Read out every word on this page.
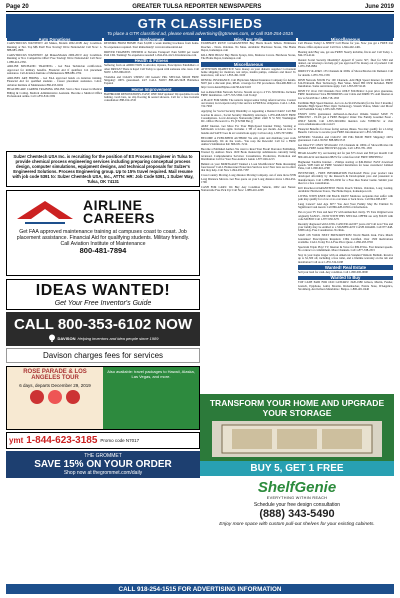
Page 20	GREATER TULSA REPORTER NEWSPAPERS	June 2019
GTR CLASSIFIEDS
To place a GTR classified ad, please email advertising@gtrnews.com, or call 918-254-1515
Auto Donations
CARS/TRUCKS WANTED!!! All Makes, Models 2002-2018! Any Condition. Running or Not. Top $$$ Paid! Free Towing! We're Nationwide! Call Now: 1-888-985-1806
CARS/TRUCKS WANTED!!! All Makes/Models 2000-2015! Any Condition. Running or Not. Competitive Offer! Free Towing! We're Nationwide! Call Now: 1-888-416-2330.
AIRLINE MECHANIC TRAINING - Get FAA Technician certification. Approved for military benefits. Financial Aid if qualified. Job placement assistance. Call Aviation Institute of Maintenance 888-686-1704
AIRLINES ARE HIRING - Get FAA approved hands on Aviation training. Financial Aid for qualified students - Career placement assistance. CALL Aviation Institute of Maintenance 866-453-6204
HEALTHCARE CAREER TRAINING ONLINE. Start a New Career in Medical Billing & Coding. Medical Administrative Assistant. Become a Medical Office Professional online. Call 1-855-819-1569
Employment
REWORK FROM HOME! Earn $1,000 a week mailing brochures from home. No experience required. Start immediately! www.incomecentral.net
DRIVER TRAINEES NEEDED at Stevens Transport! Earn $1000 per week! Paid CDL Training! No experience needed! 1-844-452-4121 drive4stevens.com
Health & Fitness
Suffering from an ADDICTION to Alcohol, Opiates, Prescription PainKillers or other DRUGS? There is hope! Call Today to speak with someone who cares. Call NOW 1-855-866-0913
VIAGRA and CIALIS USERS! 100 Generic Pills SPECIAL $99.00 FREE Shipping! 100% guaranteed. 24/7 CALL NOW! 888-445-5928 Hablamos Espanol
Home Improvement
BATHROOM RENOVATIONS. EASY, ONE DAY updates! We specialize in safe bathing. Grab bars, no slip flooring & seated showers. Call for a free in-home consultation: 888-912-4745
Misc. For Sale
ELIMINATE RUST! GUARANTEED! Buy Harris Roach Tablets. Eliminates Roaches - Nests. Odorless. No Mess. Available: Hardware Stores, The Home Depot, homedepot.com
KILL BED BUGS! Buy Harris Sprays, Kits, Mattress Covers. Hardware Stores, The Home Depot, homedepot.com
Miscellaneous
ATTENTION DIABETICS! Save money on your diabetic supplies! Convenient home shipping for monitors, test strips, insulin pumps, catheters and more! To learn more, call now! 1-855-491-5160
DENTAL INSURANCE. Call Physicians Mutual Insurance Company for details. NOT just a discount plan, REAL coverage for 350 procedures. 844-496-8601 or http://www.dental50plus.com/58 Ad# 6118
Get A-Rated Dish Network Service. Stream on up to 4 TVs. $59.99/mo. Includes FREE Installation. 1-877-555-5566. Call Today!
A PLACE FOR MOM. The nation's largest senior living referral service. Contact our trusted, local experts today! Our service is FREE/no obligation. CALL 1-844-722-7993
Applying for Social Security Disability or Appealing a Denied Claim? Call Bill Gordon & Assoc., Social Security Disability Attorneys, 1-855-498-6323! FREE Consultations. Local Attorneys Nationwide [Mail: 2420 N St NW, Washington DC. Office: Broward Co. FL (TX/NM Bar.)]
AT&T Internet. Get More For Your High-Speed Internet Thing. Starting at $40/month w/12-mo agmt. Includes 1 TB of data per month. Ask us how to bundle and SAVE! Geo & svc restrictions apply. Call us today 1-833-707-0984
BECOME A PUBLISHED AUTHOR! We edit, print and distribute your work internationally. We do the work... You reap the Rewards! Call for a FREE Author's Submission Kit: 866-951-7214
Become a Published Author. We want to Read Your Book! Dorrance Publishing-Trusted by Authors Since 1920 Book manuscript submissions currently being reviewed. Comprehensive Services: Consultation, Production, Promotion and Distribution Call for Your Free Author's Guide 1-877-626-2213
Behind on your MORTGAGE? Denied a Loan Modification? Bank threatening foreclosure? CALL Homeowner Protection Services now! New laws are in effect that may help. Call Now 1-844-293-7187
Cross Country Moving. Long distance Moving Company. out of state move $799 Long Distance Movers. Get Free quote on your Long distance move 1-844-452-1706
CASH FOR CARS: We Buy Any Condition Vehicle, 2002 and Newer. Nationwide Free Pick Up! Call Now: 1-888-416-2208
Miscellaneous
Cell Phones Today! A SHINY Cell Phone for you. Now you get a FREE 2nd Phone. Offer expires soon! Call Now 1-844-402-1401.
Hearing aids! Buy one, get one FREE! Nearly invisible, fits in ear! Call Today 1-844-374-4142.
Denied Social Security Disability? Appeal! If you're 50+, filed for SSD and denied, our attorneys can help get you approved! No money out of pockets! Call 1-855-558-9984
DIRECTV & AT&T. 155 Channels & 1000s of Shows/Movies On Demand. Call for details. 1-855-781-1565
DISH Network $59.99 For 190 Channels. Add High Speed Internet for ONLY $14.95/month. Best Technology. Best Value. Smart HD DVR Included. FREE Installation. Some restrictions apply. Call 1-855-837-9146
DISH TV. Over 190 Channels Now ONLY $59.99/mo! 2-year price guarantee, FREE Installation! Save HUNDREDS over Cable and DIRECTV. Add Internet as low as $14.95/mo! 1-800-718-1593
Earthlink High Speed Internet. As Low As $14.95/month (for the first 3 months.) Reliable High Speed Fiber Optic Technology. Stream Videos, Music and More! Call Earthlink Today 1-855-520-7938
ENJOY 100% guaranteed, delivered-to-the-door Omaha Steaks! SAVE 75 PERCENT - PLUS get 4 FREE Burgers! Order The Family Gourmet Feast - ONLY $49.99. Call 1-855-349-9064 mention code 55586CSC or visit www.omahasteaks.com/cook13
Financial Benefits for those facing serious illness. You may qualify for a Living Benefit. Call now to receive your FREE Information kit! 1-855-330-8041
GENERIC VIAGRA and CIALIS! 100 Pills $99.00 FREE Shipping! 100% guaranteed. CALL NOW! 888-889-5515
Get DirecTV! ONLY $35/month! 155 Channels & 1000s of Shows/Movies On Demand. FREE Genie HD DVR Upgrade. Call 1-855-781-1565
HEAR AGAIN! Try our hearing aid for just $75 down and $50 per month! Call 800-426-4212 and mention 88272 for a risk free trial! FREE SHIPPING!
Hughesnet Satellite Internet - 25mbps starting at $49.99/mo! FAST download speeds. WiFi built in! FREE Standard Installation for lease customers! Limited Time, Call 1-800-610-4790
INVENTORS - FREE INFORMATION PACKAGE Have your product idea developed affordably by the Research & Development pros and presented to manufacturers. Call 1-888-501-0236 for a Free Idea Starter Guide. Submit your idea for a free consultation.
Kill Roaches-GUARANTEED! Harris Roach Tablets. Odorless, Long Lasting. Available: Hardware Stores, The Home Depot, homedepot.com
LIVING WITH KNEE OR BACK PAIN? Medicare recipients that suffer with pain may qualify for a low or no cost knee or back brace. Call 844-308-4307
Lung Cancer? And Age 60+? You And Your Family May Be Entitled To Significant Cash Award. Call 866-428-1639 for Information.
Put on your TV Ears and hear TV with unmatched clarity. TV Ears Original were originally $129.95 - NOW WITH THIS SPECIAL OFFER are only $59.95 with code MCB59! Call 1-877-930-3271
Recently diagnosed with LUNG CANCER and 60+ years old? Call now! You and your family may be entitled to a SIGNIFICANT CASH AWARD. Call 877-648-6308 today. Free Consultation. No Risk.
SAVE ON YOUR NEXT PRESCRIPTION! World Health Link. Price Match Guarantee! Prescriptions Required. CIPA Certified. Over 1500 medications available. CALL Today For A Free Price Quote. 1-866-293-9702
Spectrum Triple Play! TV, Internet & Voice for $99.97/mo. Fast Internet speeds. No contract or commitment. More Channels. Call 1-877-338-2315
Stay in your home longer with an American Standard Walk-In Bathtub. Receive up to $1,500 off, including a free toilet, and a lifetime warranty on the tub and installation! Call us at 1-855-534-6198
Wanted! Real Estate
Sell your land for cash. Any condition. Call 1-800-000-0000
Wanted to Buy
TOP CASH PAID FOR OLD GUITARS! 1920-1980 Gibson, Martin, Fender, Gretsch, Epiphone, Guild, Mosrite, Rickenbacker, Prairie State, D'Angelico, Stromberg. And Gibson Mandolins / Banjos. 1-800-401-0440
Sulzer Chemtech USA Inc. is recruiting for the position of ES Process Engineer in Tulsa to provide chemical process engineering services including preparing conceptual process design, computer simulations, equipment designs, and technical proposals for Sulzer's Engineered Solutions. Process Engineering group. Up to 15% travel required. Mail resume with job code 5391 to: Sulzer Chemtech USA, Inc., ATTN: HR: Job Code 5391, 1 Sulzer Way, Tulsa, OK 74131
AIRLINE
CAREERS
Get FAA approved maintenance training at campuses coast to coast. Job placement assistance. Financial Aid for qualifying students. Military friendly.
Call Aviation Institute of Maintenance
800-481-7894
IDEAS WANTED!
Get Your Free Inventor's Guide
CALL 800-353-6102 NOW
DAVISON Helping inventors and idea people since 1989
Davison charges fees for services
ROSE PARADE & LOS ANGELES TOUR
6 days, departs December 29, 2019
Also available: travel packages to Hawaii, Alaska, Las Vegas, and more.
ymt 1-844-623-3185 Promo code N7017
THE GROMMET
SAVE 15% ON YOUR ORDER
Shop now at thegrommet.com/daily
TRANSFORM YOUR HOME AND UPGRADE YOUR STORAGE
BUY 5, GET 1 FREE
ShelfGenie
EVERYTHING WITHIN REACH
Schedule your free design consultation
(888) 343-5490
Enjoy more space with custom pull-out shelves for your existing cabinets.
CALL 918-254-1515 FOR ADVERTISING INFORMATION
